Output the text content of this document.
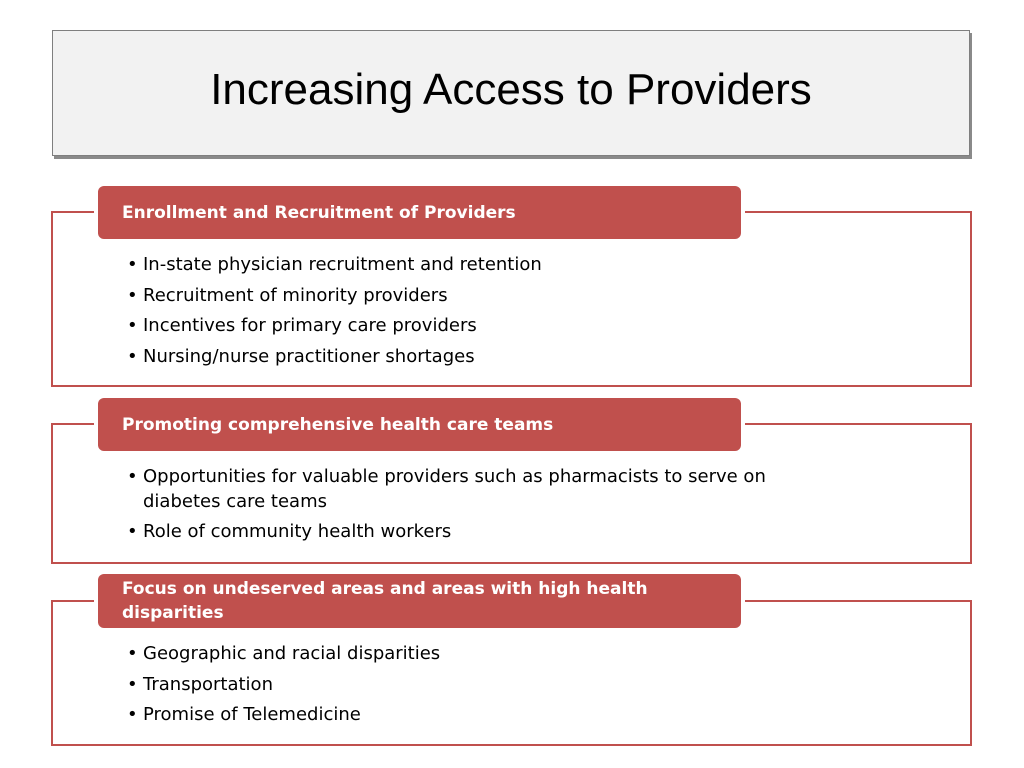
Increasing Access to Providers
Enrollment and Recruitment of Providers
• In-state physician recruitment and retention
• Recruitment of minority providers
• Incentives for primary care providers
• Nursing/nurse practitioner shortages
Promoting comprehensive health care teams
• Opportunities for valuable providers such as pharmacists to serve on diabetes care teams
• Role of community health workers
Focus on undeserved areas and areas with high health disparities
• Geographic and racial disparities
• Transportation
• Promise of Telemedicine
